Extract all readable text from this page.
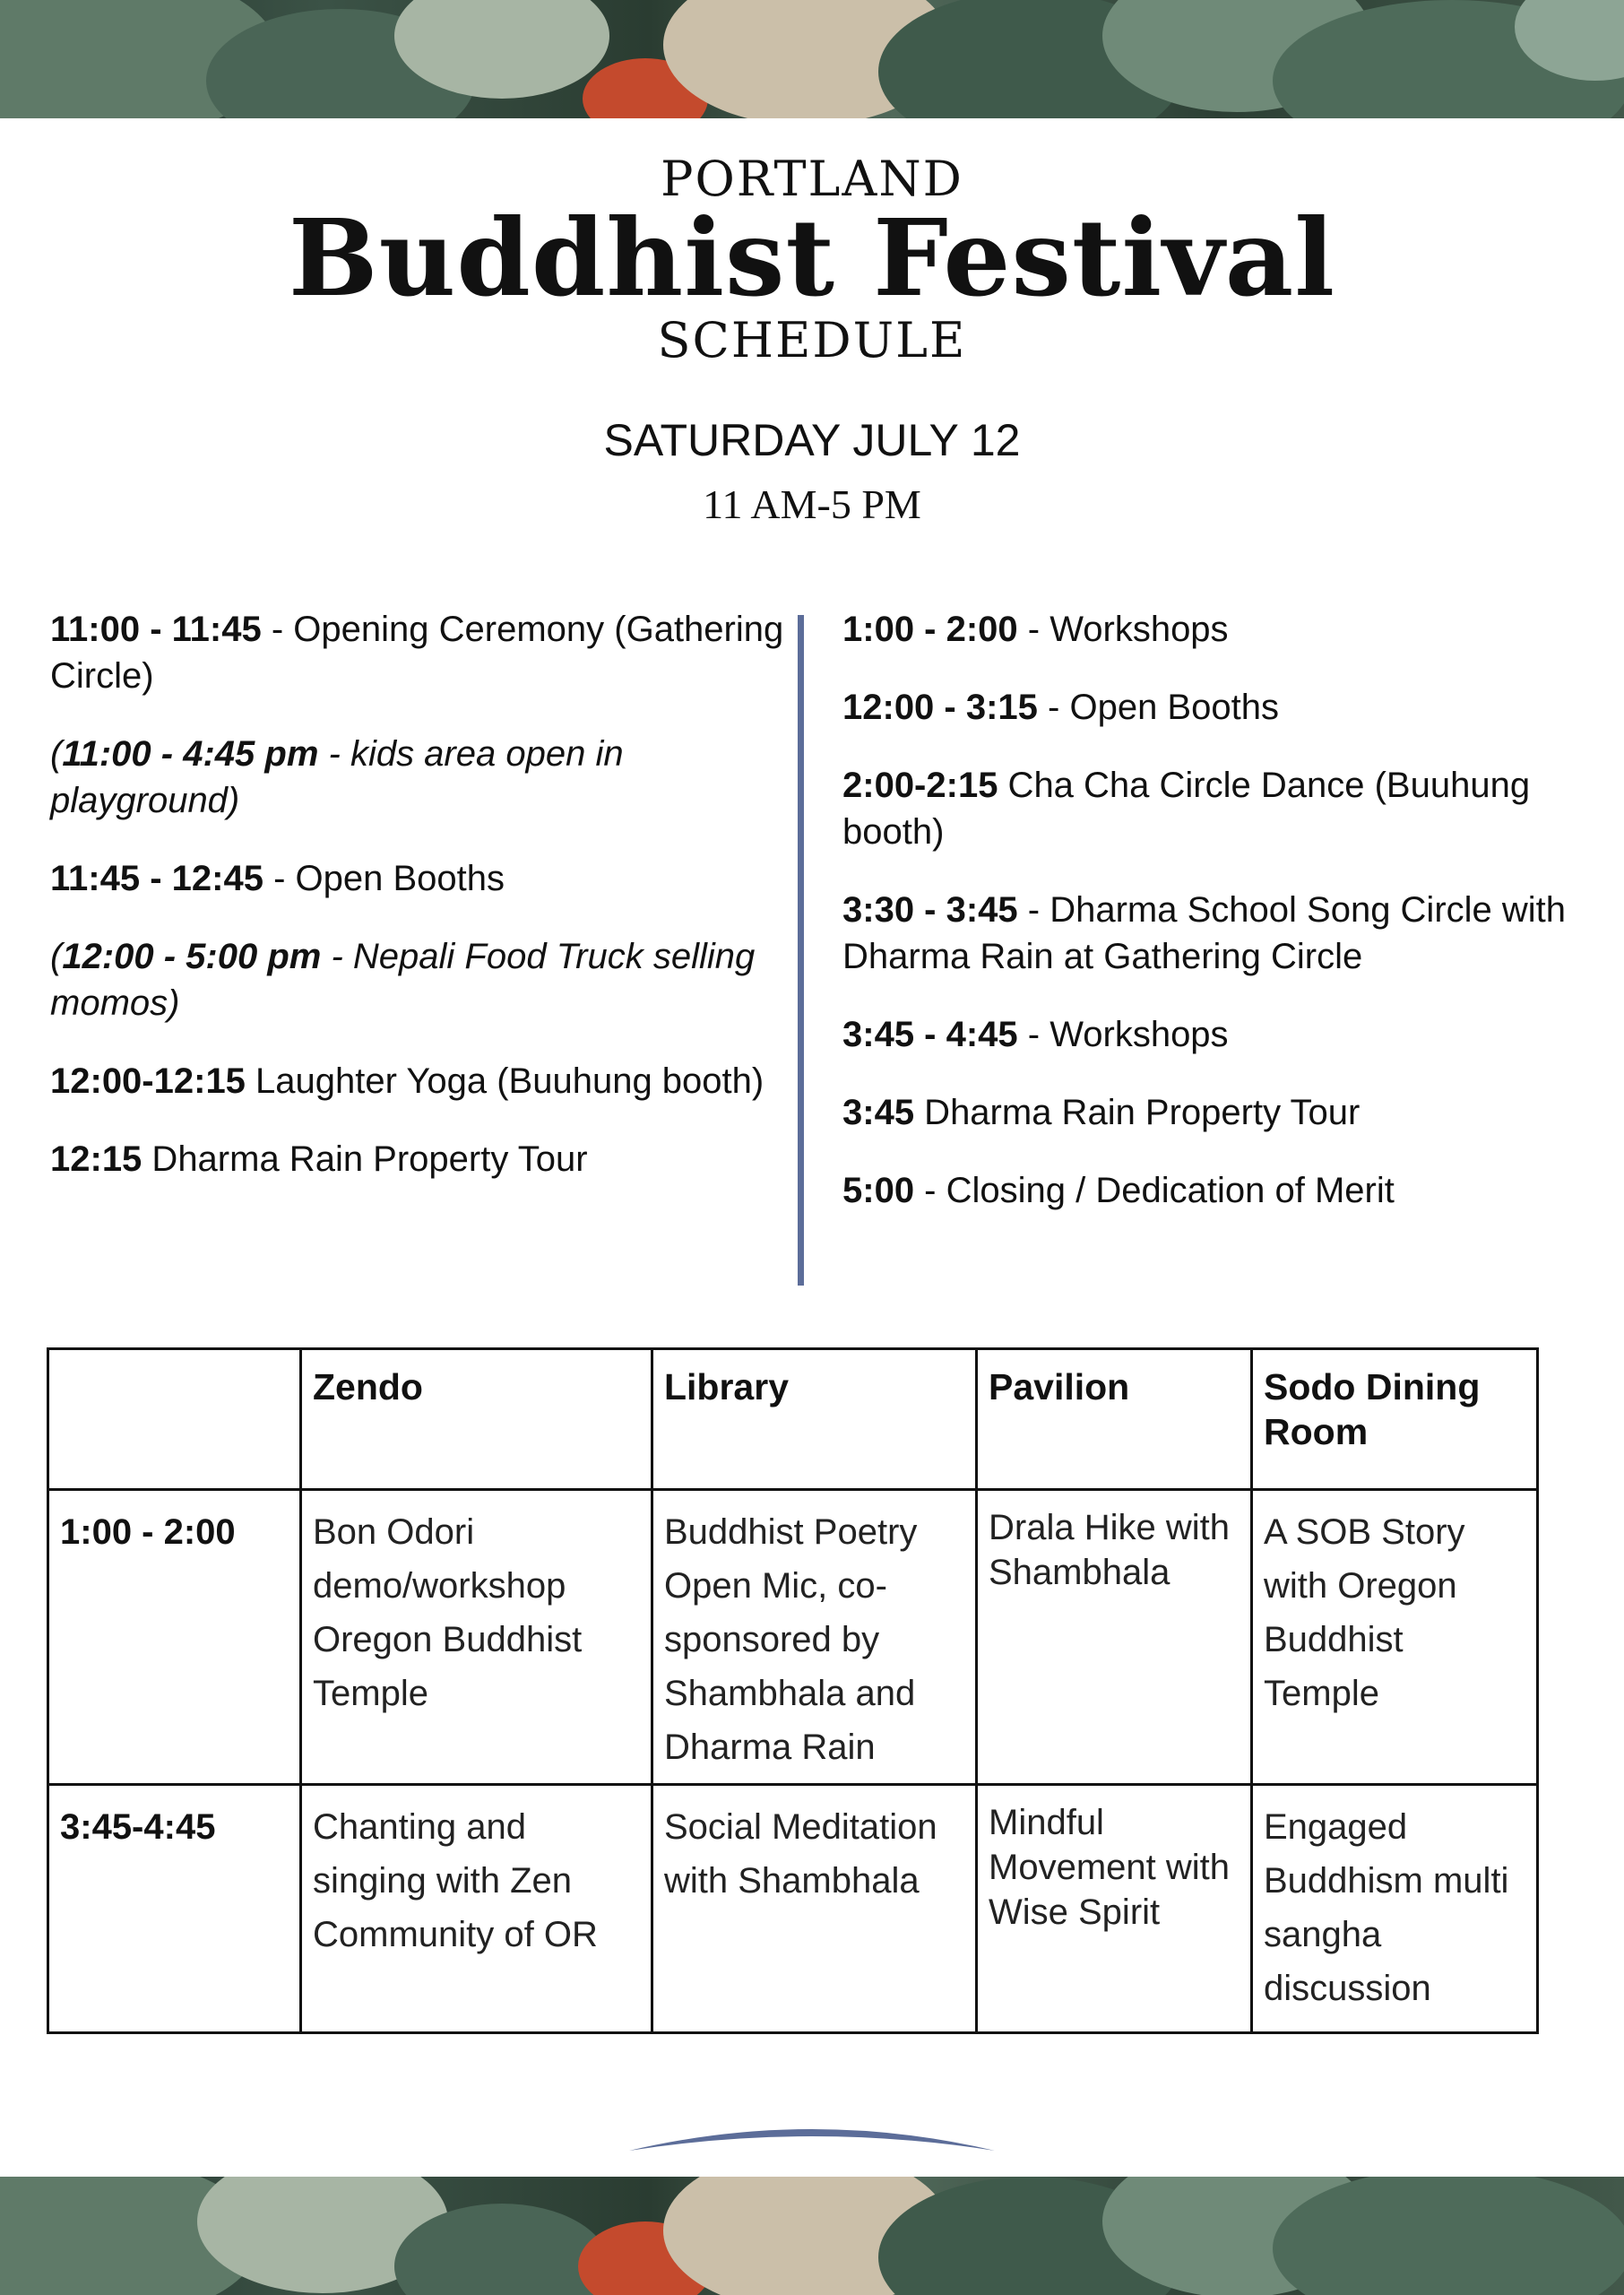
PORTLAND
Buddhist Festival
SCHEDULE
SATURDAY JULY 12
11 AM-5 PM
11:00 - 11:45 - Opening Ceremony (Gathering Circle)
(11:00 - 4:45 pm - kids area open in playground)
11:45 - 12:45 - Open Booths
(12:00 - 5:00 pm - Nepali Food Truck selling momos)
12:00-12:15 Laughter Yoga (Buuhung booth)
12:15 Dharma Rain Property Tour
1:00 - 2:00 - Workshops
12:00 - 3:15 - Open Booths
2:00-2:15 Cha Cha Circle Dance (Buuhung booth)
3:30 - 3:45 - Dharma School Song Circle with Dharma Rain at Gathering Circle
3:45 - 4:45 - Workshops
3:45 Dharma Rain Property Tour
5:00 - Closing / Dedication of Merit
	Zendo	Library	Pavilion	Sodo Dining Room
1:00 - 2:00	Bon Odori demo/workshop Oregon Buddhist Temple	Buddhist Poetry Open Mic, co-sponsored by Shambhala and Dharma Rain	Drala Hike with Shambhala	A SOB Story with Oregon Buddhist Temple
3:45-4:45	Chanting and singing with Zen Community of OR	Social Meditation with Shambhala	Mindful Movement with Wise Spirit	Engaged Buddhism multi sangha discussion
